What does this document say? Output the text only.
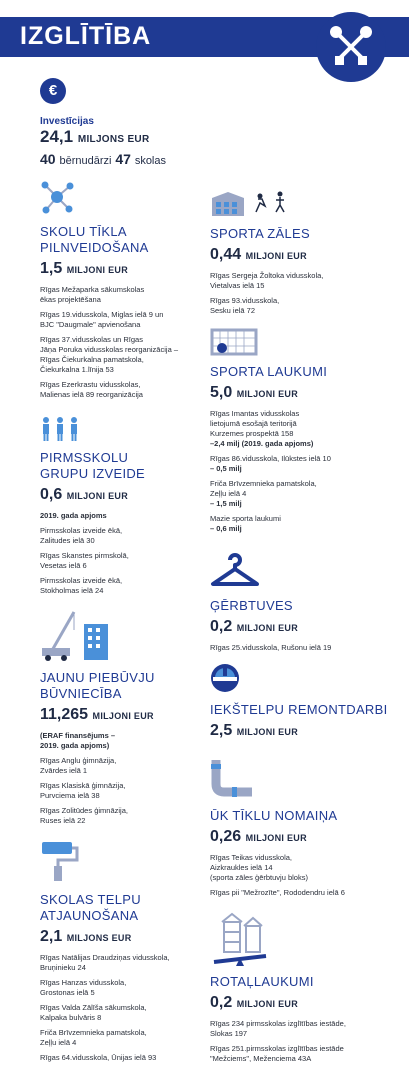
IZGLĪTĪBA
€
Investīcijas
24,1 MILJONS EUR
40 bērnudārzi 47 skolas
SKOLU TĪKLA
PILNVEIDOŠANA
1,5 MILJONI EUR
Rīgas Mežaparka sākumskolas
ēkas projektēšana
Rīgas 19.vidusskola, Miglas ielā 9 un
BJC "Daugmale" apvienošana
Rīgas 37.vidusskolas un Rīgas
Jāņa Poruka vidusskolas reorganizācija –
Rīgas Čiekurkalna pamatskola,
Čiekurkalna 1.līnija 53
Rīgas Ezerkrastu vidusskolas,
Malienas ielā 89 reorganizācija
PIRMSSKOLU
GRUPU IZVEIDE
0,6 MILJONI EUR
2019. gada apjoms
Pirmsskolas izveide ēkā,
Zalitudes ielā 30
Rīgas Skanstes pirmskolā,
Vesetas ielā 6
Pirmsskolas izveide ēkā,
Stokholmas ielā 24
JAUNU PIEBŪVJU
BŪVNIECĪBA
11,265 MILJONI EUR
(ERAF finansējums –
2019. gada apjoms)
Rīgas Anglu ģimnāzija,
Zvārdes ielā 1
Rīgas Klasiskā ģimnāzija,
Purvciema ielā 38
Rīgas Zolitūdes ģimnāzija,
Ruses ielā 22
SKOLAS TELPU
ATJAUNOŠANA
2,1 MILJONS EUR
Rīgas Natālijas Draudziņas vidusskola,
Bruņinieku 24
Rīgas Hanzas vidusskola,
Grostonas ielā 5
Rīgas Valda Zālīša sākumskola,
Kalpaka bulvāris 8
Friča Brīvzemnieka pamatskola,
Zeļļu ielā 4
Rīgas 64.vidusskola, Ūnijas ielā 93
SPORTA ZĀLES
0,44 MILJONI EUR
Rīgas Sergeja Žoltoka vidusskola,
Vietalvas ielā 15
Rīgas 93.vidusskola,
Sesku ielā 72
SPORTA LAUKUMI
5,0 MILJONI EUR
Rīgas Imantas vidusskolas
lietojumā esošajā teritorijā
Kurzemes prospektā 158
–2,4 milj (2019. gada apjoms)
Rīgas 86.vidusskola, Ilūkstes ielā 10
– 0,5 milj
Friča Brīvzemnieka pamatskola,
Zeļļu ielā 4
– 1,5 milj
Mazie sporta laukumi
– 0,6 milj
ĢĒRBTUVES
0,2 MILJONI EUR
Rīgas 25.vidusskola, Rušonu ielā 19
IEKŠTELPU REMONTDARBI
2,5 MILJONI EUR
ŪK TĪKLU NOMAIŅA
0,26 MILJONI EUR
Rīgas Teikas vidusskola,
Aizkraukles ielā 14
(sporta zāles ģērbtuvju bloks)
Rīgas pii "Mežrozīte", Rododendru ielā 6
ROTAĻLAUKUMI
0,2 MILJONI EUR
Rīgas 234 pirmsskolas izglītības iestāde,
Slokas 197
Rīgas 251.pirmsskolas izglītības iestāde
"Mežciems", Meženciema 43A
